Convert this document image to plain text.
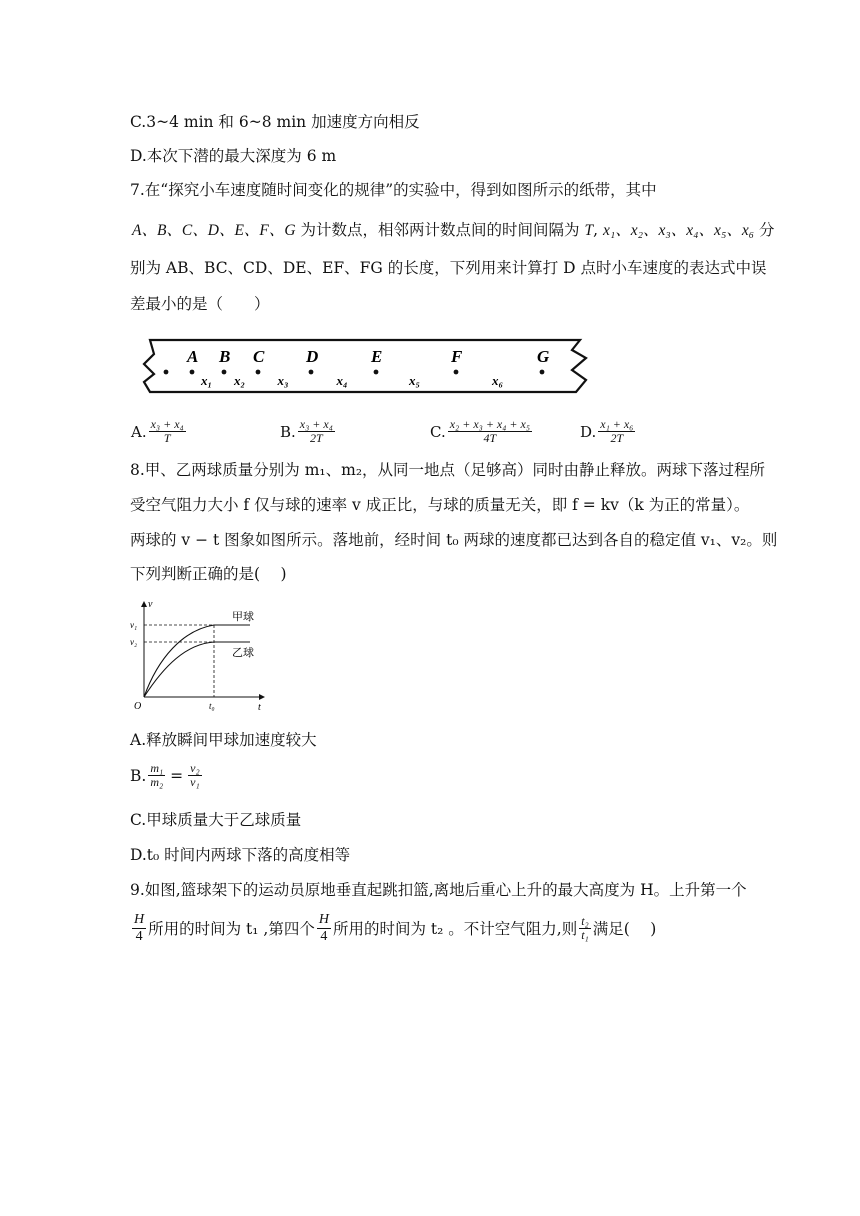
C.3~4 min 和 6~8 min 加速度方向相反
D.本次下潜的最大深度为 6 m
7.在“探究小车速度随时间变化的规律”的实验中，得到如图所示的纸带，其中
A、B、C、D、E、F、G 为计数点，相邻两计数点间的时间间隔为 T, x₁、x₂、x₃、x₄、x₅、x₆ 分
别为 AB、BC、CD、DE、EF、FG 的长度，下列用来计算打 D 点时小车速度的表达式中误
差最小的是（　　）
A B C D	E	F	G
x₁ x₂ x₃	x₄	x₅	x₆
A. $\frac{\text{x₃ + x₄}}{T}$	B. $\frac{\text{x₃ + x₄}}{2T}$	C. $\frac{\text{x₂ + x₃ + x₄ + x₅}}{4T}$	D. $\frac{\text{x₁ + x₆}}{2T}$
8.甲、乙两球质量分别为 m₁、m₂，从同一地点（足够高）同时由静止释放。两球下落过程所
受空气阻力大小 f 仅与球的速率 v 成正比，与球的质量无关，即 f = kv（k 为正的常量）。
两球的 v − t 图象如图所示。落地前，经时间 t₀ 两球的速度都已达到各自的稳定值 v₁、v₂。则
下列判断正确的是(　 )
v
t
O
v₁
v₂
t₀
甲球
乙球
A.释放瞬间甲球加速度较大
B. $\frac{\text{m₁}}{\text{m₂}} = \frac{\text{v₂}}{\text{v₁}}$
C.甲球质量大于乙球质量
D.t₀ 时间内两球下落的高度相等
9.如图,篮球架下的运动员原地垂直起跳扣篮,离地后重心上升的最大高度为 H。上升第一个
$\frac{H}{4}$ 所用的时间为 t₁ ,第四个 $\frac{H}{4}$ 所用的时间为 t₂ 。不计空气阻力,则 $\frac{\text{t₂}}{\text{t₁}}$ 满足(　 )
